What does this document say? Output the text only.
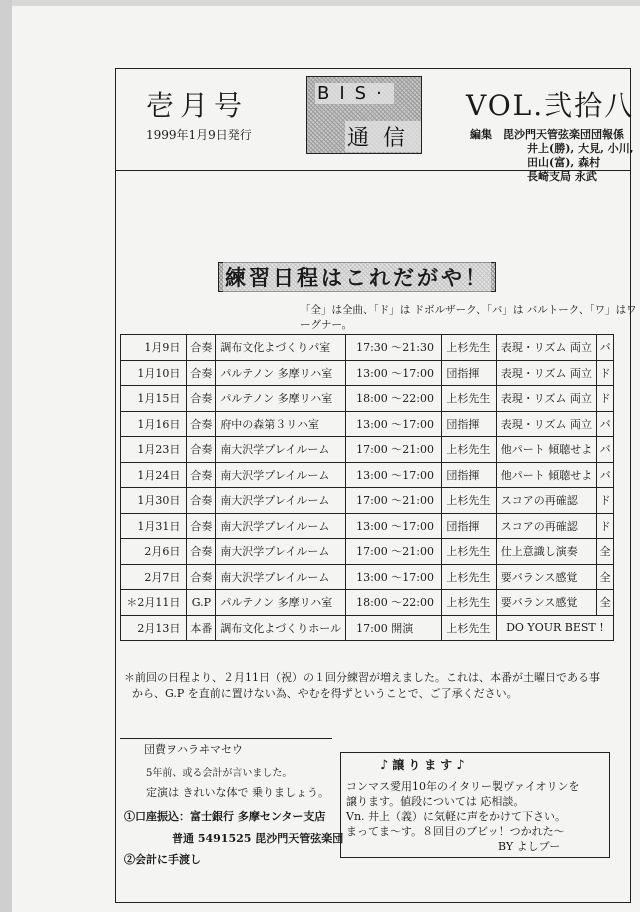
壱月号
1999年1月9日発行
BIS·
通信
VOL.弐拾八
編集 毘沙門天管弦楽団団報係
井上(勝), 大見, 小川,
田山(富), 森村
長崎支局 永武
練習日程はこれだがや！
「全」は全曲、「ド」は ドボルザーク、「バ」は バルトーク、「ワ」はワーグナー。
1月9日	合奏	調布文化よづくりパ室	17:30 〜21:30	上杉先生	表現・リズム 両立	バ
1月10日	合奏	パルテノン 多摩リハ室	13:00 〜17:00	団指揮	表現・リズム 両立	ド
1月15日	合奏	パルテノン 多摩リハ室	18:00 〜22:00	上杉先生	表現・リズム 両立	ド
1月16日	合奏	府中の森第３リハ室	13:00 〜17:00	団指揮	表現・リズム 両立	バ
1月23日	合奏	南大沢学プレイルーム	17:00 〜21:00	上杉先生	他パート 傾聴せよ	バ
1月24日	合奏	南大沢学プレイルーム	13:00 〜17:00	団指揮	他パート 傾聴せよ	バ
1月30日	合奏	南大沢学プレイルーム	17:00 〜21:00	上杉先生	スコアの再確認	ド
1月31日	合奏	南大沢学プレイルーム	13:00 〜17:00	団指揮	スコアの再確認	ド
2月6日	合奏	南大沢学プレイルーム	17:00 〜21:00	上杉先生	仕上意識し演奏	全
2月7日	合奏	南大沢学プレイルーム	13:00 〜17:00	上杉先生	要バランス感覚	全
＊2月11日	G.P	パルテノン 多摩リハ室	18:00 〜22:00	上杉先生	要バランス感覚	全
2月13日	本番	調布文化よづくりホール	17:00 開演	上杉先生	DO YOUR BEST !	
＊前回の日程より、２月11日（祝）の１回分練習が増えました。これは、本番が土曜日である事
から、G.P を直前に置けない為、やむを得ずということで、ご了承ください。
団費ヲハラヰマセウ
5年前、或る会計が言いました。
定演は きれいな体で 乗りましょう。
①口座振込：富士銀行 多摩センター支店
普通 5491525 毘沙門天管弦楽団
②会計に手渡し
♪譲ります♪
コンマス愛用10年のイタリー製ヴァイオリンを
譲ります。値段については 応相談。
Vn. 井上（義）に気軽に声をかけて下さい。
まってま〜す。８回目のブビッ！つかれた〜
BY よしブー
